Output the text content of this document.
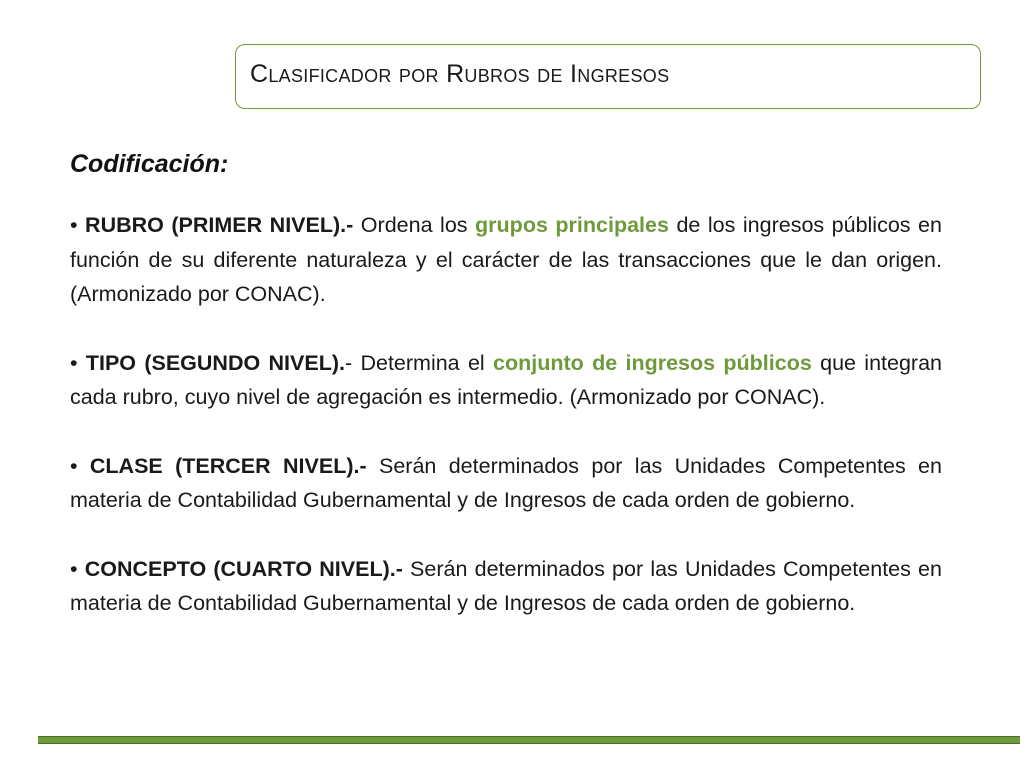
Clasificador por Rubros de Ingresos
Codificación:

• RUBRO (PRIMER NIVEL).- Ordena los grupos principales de los ingresos públicos en función de su diferente naturaleza y el carácter de las transacciones que le dan origen. (Armonizado por CONAC).

• TIPO (SEGUNDO NIVEL).- Determina el conjunto de ingresos públicos que integran cada rubro, cuyo nivel de agregación es intermedio. (Armonizado por CONAC).

• CLASE (TERCER NIVEL).- Serán determinados por las Unidades Competentes en materia de Contabilidad Gubernamental y de Ingresos de cada orden de gobierno.

• CONCEPTO (CUARTO NIVEL).- Serán determinados por las Unidades Competentes en materia de Contabilidad Gubernamental y de Ingresos de cada orden de gobierno.
